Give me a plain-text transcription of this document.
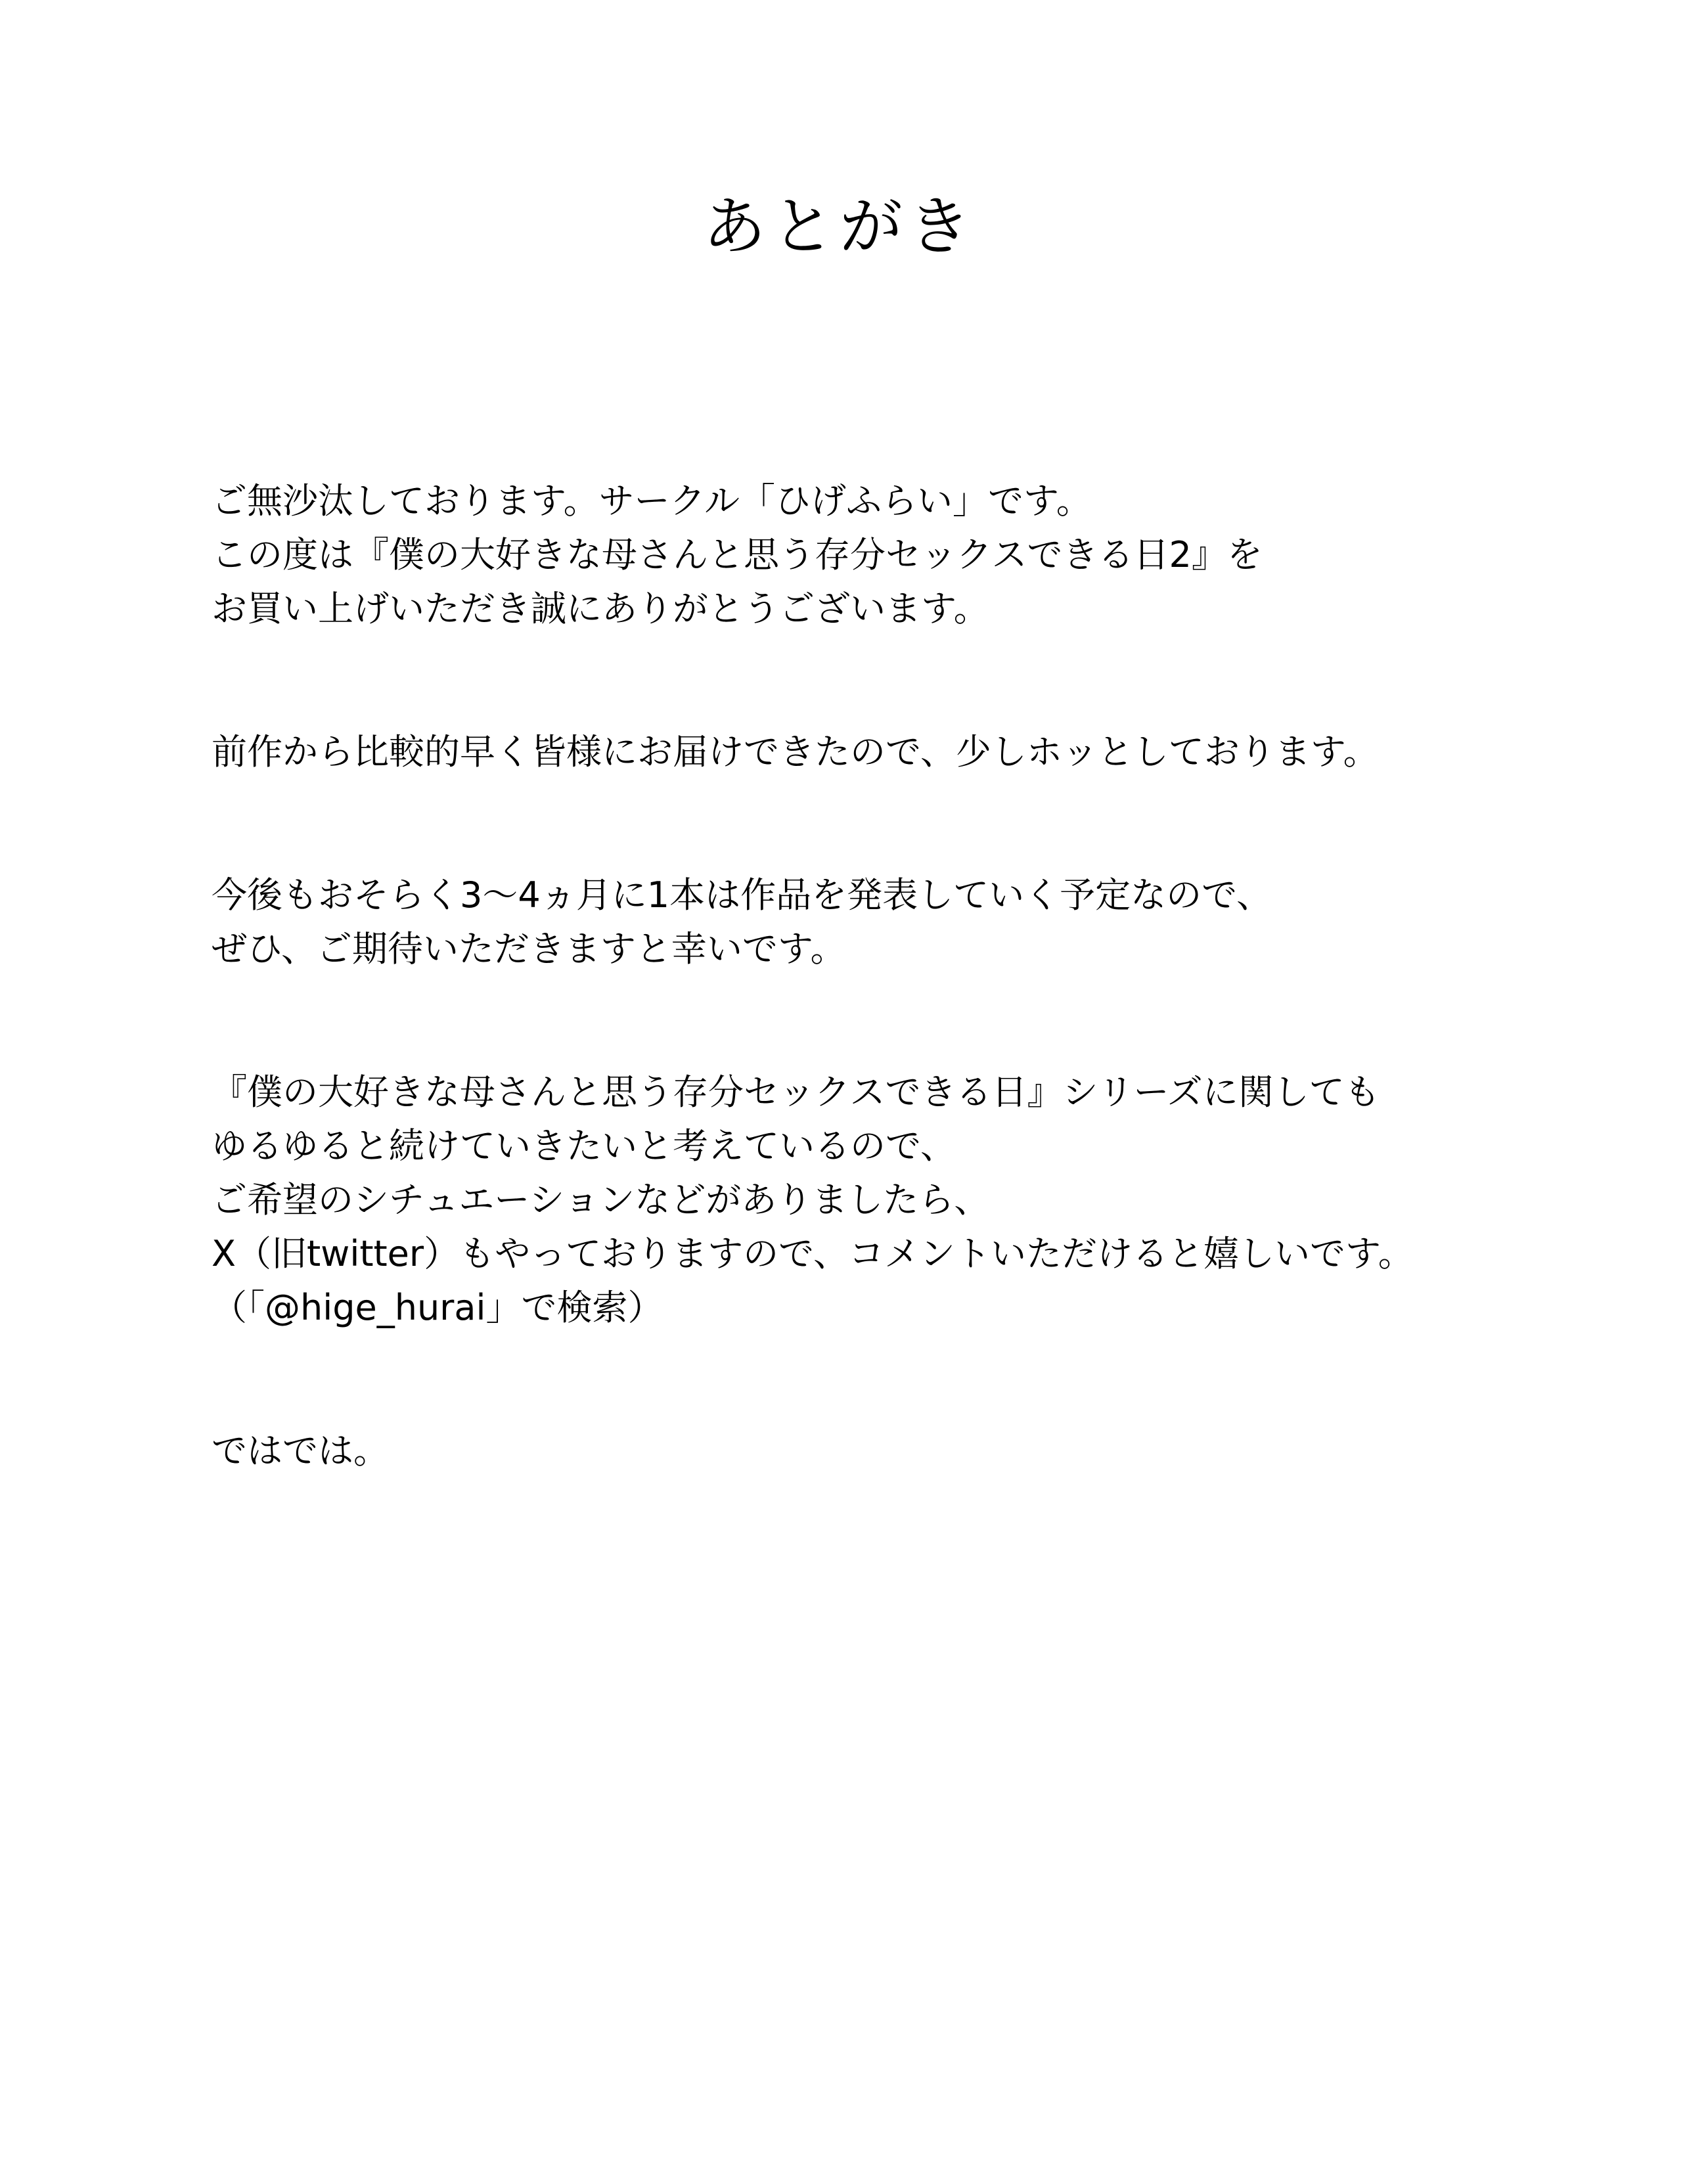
あとがき
ご無沙汰しております。サークル「ひげふらい」です。
この度は『僕の大好きな母さんと思う存分セックスできる日2』を
お買い上げいただき誠にありがとうございます。
前作から比較的早く皆様にお届けできたので、少しホッとしております。
今後もおそらく3〜4ヵ月に1本は作品を発表していく予定なので、
ぜひ、ご期待いただきますと幸いです。
『僕の大好きな母さんと思う存分セックスできる日』シリーズに関しても
ゆるゆると続けていきたいと考えているので、
ご希望のシチュエーションなどがありましたら、
X（旧twitter）もやっておりますので、コメントいただけると嬉しいです。
（「@hige_hurai」で検索）
ではでは。
